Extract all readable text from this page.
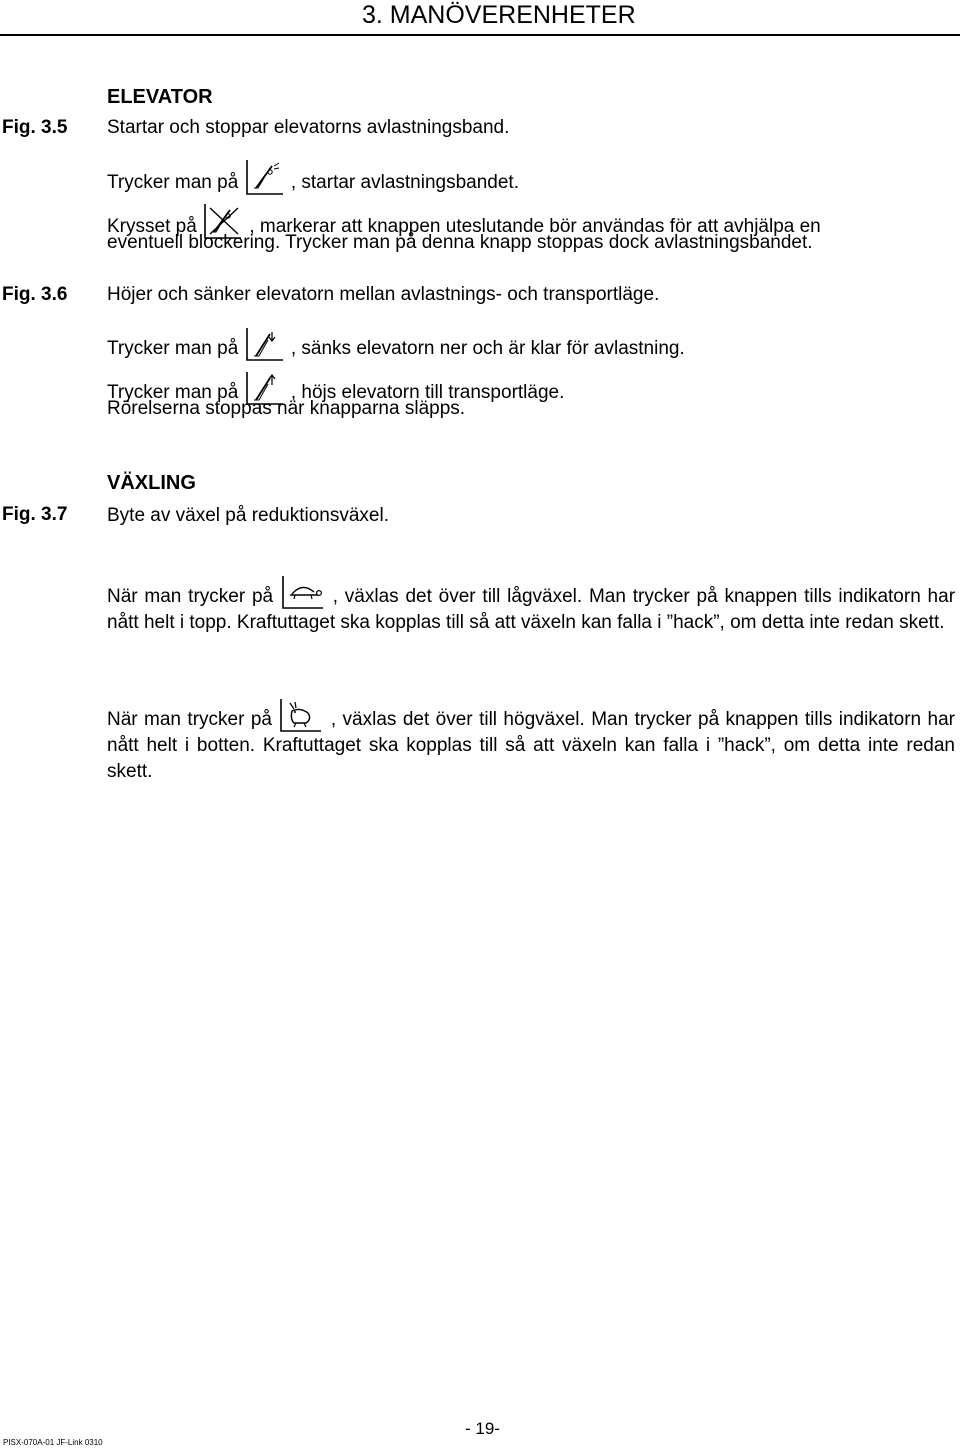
3. MANÖVERENHETER
Fig. 3.5
Fig. 3.6
Fig. 3.7
ELEVATOR
Startar och stoppar elevatorns avlastningsband.
Trycker man på	, startar avlastningsbandet.
Krysset på	, markerar att knappen uteslutande bör användas för att avhjälpa en
eventuell blockering. Trycker man på denna knapp stoppas dock avlastningsbandet.
Höjer och sänker elevatorn mellan avlastnings- och transportläge.
Trycker man på	, sänks elevatorn ner och är klar för avlastning.
Trycker man på	, höjs elevatorn till transportläge.
Rörelserna stoppas när knapparna släpps.
VÄXLING
Byte av växel på reduktionsväxel.
När man trycker på	, växlas det över till lågväxel. Man trycker på knappen tills indikatorn har nått helt i topp. Kraftuttaget ska kopplas till så att växeln kan falla i ”hack”, om detta inte redan skett.
När man trycker på	, växlas det över till högväxel. Man trycker på knappen tills indikatorn har nått helt i botten. Kraftuttaget ska kopplas till så att växeln kan falla i ”hack”, om detta inte redan skett.
- 19-
PISX-070A-01 JF-Link 0310
